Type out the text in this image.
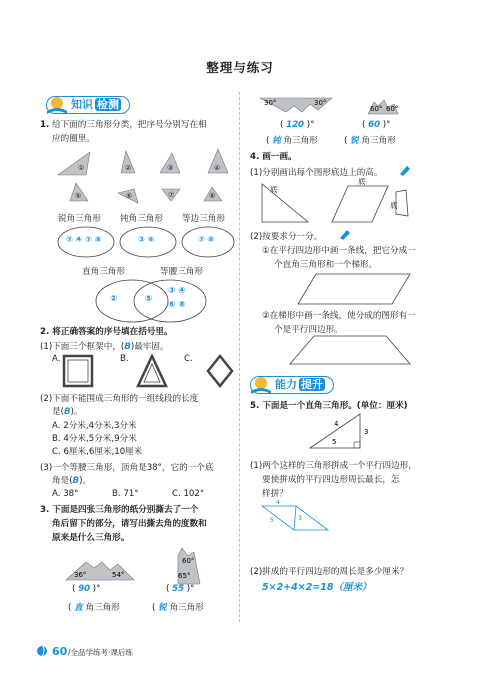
整理与练习
知识 检测
1. 给下面的三角形分类，把序号分别写在相
应的圈里。
①	②	③	④
⑤	⑥	⑦	⑧
锐角三角形 钝角三角形 等边三角形
⑦ ④ ⑦ ⑧	③ ⑥	⑦ ⑧
直角三角形	等腰三角形
②	⑤
③ ④
⑥ ⑧
2. 将正确答案的序号填在括号里。
(1)下面三个框架中，(B)最牢固。
A.	B.	C.
(2)下面不能围成三角形的一组线段的长度
是(B)。
A. 2分米,4分米,3分米
B. 4分米,5分米,9分米
C. 6厘米,6厘米,10厘米
(3)一个等腰三角形，顶角是38°，它的一个底
角是(B)。
A. 38°	B. 71°	C. 102°
3. 下面是四张三角形的纸分别撕去了一个
角后留下的部分，请写出撕去角的度数和
原来是什么三角形。
36°	54°
60°
65°
( 90 )°	( 55 )°
( 直 角三角形	( 锐 角三角形
30°	30°
60° 60°
( 120 )°	( 60 )°
( 钝 角三角形	( 锐 角三角形
4. 画一画。
(1)分别画出每个图形底边上的高。
底
底
底
(2)按要求分一分。
①在平行四边形中画一条线，把它分成一
个直角三角形和一个梯形。
②在梯形中画一条线，使分成的图形有一
个是平行四边形。
能力 提升
5. 下面是一个直角三角形。(单位：厘米)
4
3
5
(1)两个这样的三角形拼成一个平行四边形，
要使拼成的平行四边形周长最长，怎
样拼？
4
3
5
(2)拼成的平行四边形的周长是多少厘米？
5×2+4×2=18（厘米）
60 /全品学练考·课后练
